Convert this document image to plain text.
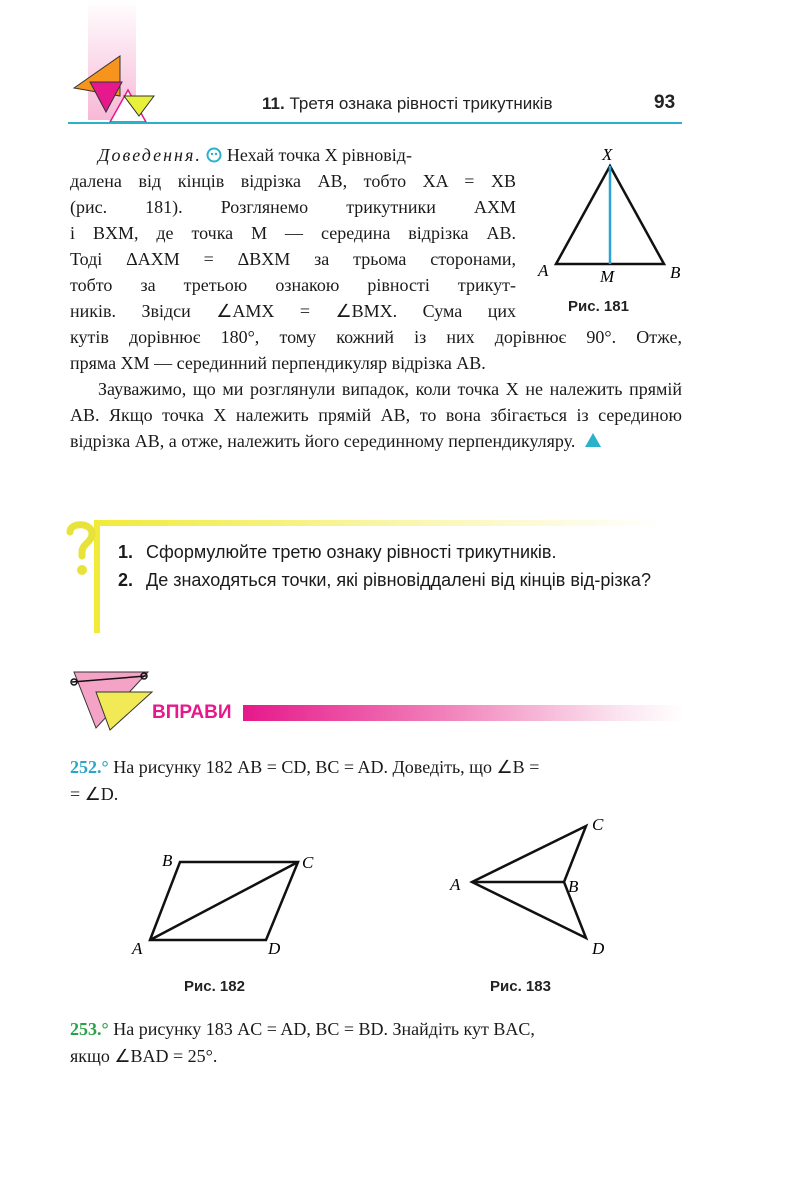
11. Третя ознака рівності трикутників	93
Доведення. Нехай точка X рівновід-
далена від кінців відрізка AB, тобто XA = XB
(рис. 181). Розглянемо трикутники AXM
і BXM, де точка M — середина відрізка AB.
Тоді ΔAXM = ΔBXM за трьома сторонами,
тобто за третьою ознакою рівності трикут-
ників. Звідси ∠AMX = ∠BMX. Сума цих
кутів дорівнює 180°, тому кожний із них дорівнює 90°. Отже,
пряма XM — серединний перпендикуляр відрізка AB.
Зауважимо, що ми розглянули випадок, коли точка X не належить прямій AB. Якщо точка X належить прямій AB, то вона збігається із серединою відрізка AB, а отже, належить його серединному перпендикуляру.
X
A	B
M
Рис. 181
1. Сформулюйте третю ознаку рівності трикутників.
2. Де знаходяться точки, які рівновіддалені від кінців від-різка?
ВПРАВИ
252.° На рисунку 182 AB = CD, BC = AD. Доведіть, що ∠B =
= ∠D.
A
B	C
D
Рис. 182
A
C
B
D
Рис. 183
253.° На рисунку 183 AC = AD, BC = BD. Знайдіть кут BAC,
якщо ∠BAD = 25°.
